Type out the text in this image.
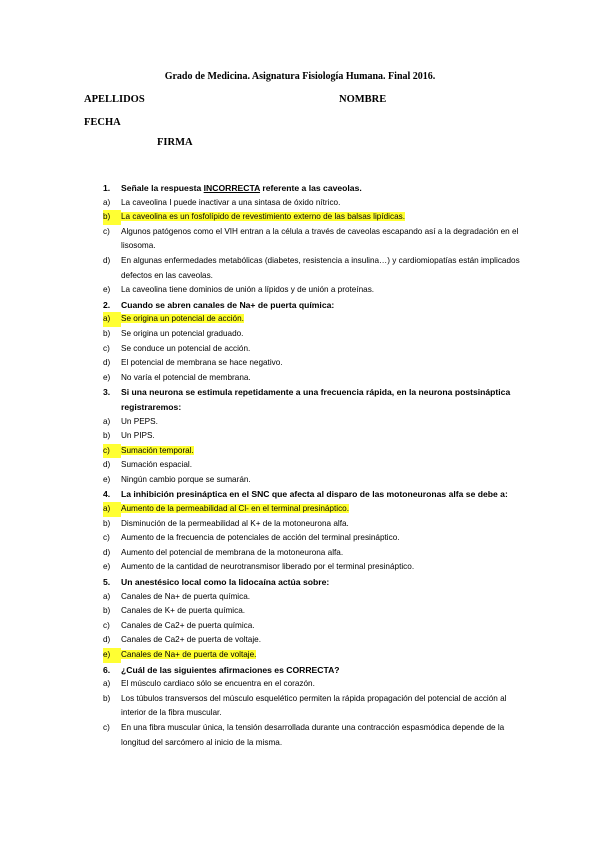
Grado de Medicina. Asignatura Fisiología Humana. Final 2016.
APELLIDOS	NOMBRE
FECHA
FIRMA
1.	Señale la respuesta INCORRECTA referente a las caveolas.
a)	La caveolina I puede inactivar a una sintasa de óxido nítrico.
b)	La caveolina es un fosfolípido de revestimiento externo de las balsas lipídicas.
c)	Algunos patógenos como el VIH entran a la célula a través de caveolas escapando así a la degradación en el lisosoma.
d)	En algunas enfermedades metabólicas (diabetes, resistencia a insulina…) y cardiomiopatías están implicados defectos en las caveolas.
e)	La caveolina tiene dominios de unión a lípidos y de unión a proteínas.
2.	Cuando se abren canales de Na+ de puerta química:
a)	Se origina un potencial de acción.
b)	Se origina un potencial graduado.
c)	Se conduce un potencial de acción.
d)	El potencial de membrana se hace negativo.
e)	No varía el potencial de membrana.
3.	Si una neurona se estimula repetidamente a una frecuencia rápida, en la neurona postsináptica registraremos:
a)	Un PEPS.
b)	Un PIPS.
c)	Sumación temporal.
d)	Sumación espacial.
e)	Ningún cambio porque se sumarán.
4.	La inhibición presináptica en el SNC que afecta al disparo de las motoneuronas alfa se debe a:
a)	Aumento de la permeabilidad al Cl- en el terminal presináptico.
b)	Disminución de la permeabilidad al K+ de la motoneurona alfa.
c)	Aumento de la frecuencia de potenciales de acción del terminal presináptico.
d)	Aumento del potencial de membrana de la motoneurona alfa.
e)	Aumento de la cantidad de neurotransmisor liberado por el terminal presináptico.
5.	Un anestésico local como la lidocaína actúa sobre:
a)	Canales de Na+ de puerta química.
b)	Canales de K+ de puerta química.
c)	Canales de Ca2+ de puerta química.
d)	Canales de Ca2+ de puerta de voltaje.
e)	Canales de Na+ de puerta de voltaje.
6.	¿Cuál de las siguientes afirmaciones es CORRECTA?
a)	El músculo cardiaco sólo se encuentra en el corazón.
b)	Los túbulos transversos del músculo esquelético permiten la rápida propagación del potencial de acción al interior de la fibra muscular.
c)	En una fibra muscular única, la tensión desarrollada durante una contracción espasmódica depende de la longitud del sarcómero al inicio de la misma.
